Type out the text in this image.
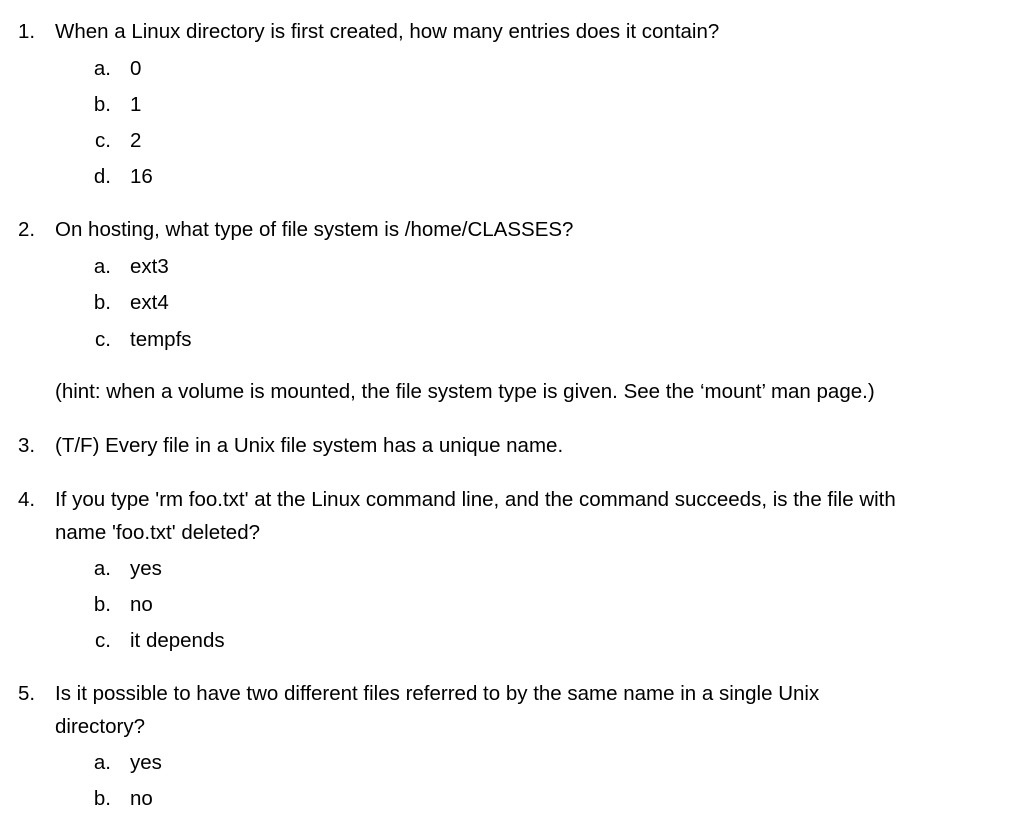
1. When a Linux directory is first created, how many entries does it contain?
a. 0
b. 1
c. 2
d. 16
2. On hosting, what type of file system is /home/CLASSES?
a. ext3
b. ext4
c. tempfs
(hint: when a volume is mounted, the file system type is given. See the ‘mount’ man page.)
3. (T/F) Every file in a Unix file system has a unique name.
4. If you type 'rm foo.txt' at the Linux command line, and the command succeeds, is the file with
name 'foo.txt' deleted?
a. yes
b. no
c. it depends
5. Is it possible to have two different files referred to by the same name in a single Unix
directory?
a. yes
b. no
